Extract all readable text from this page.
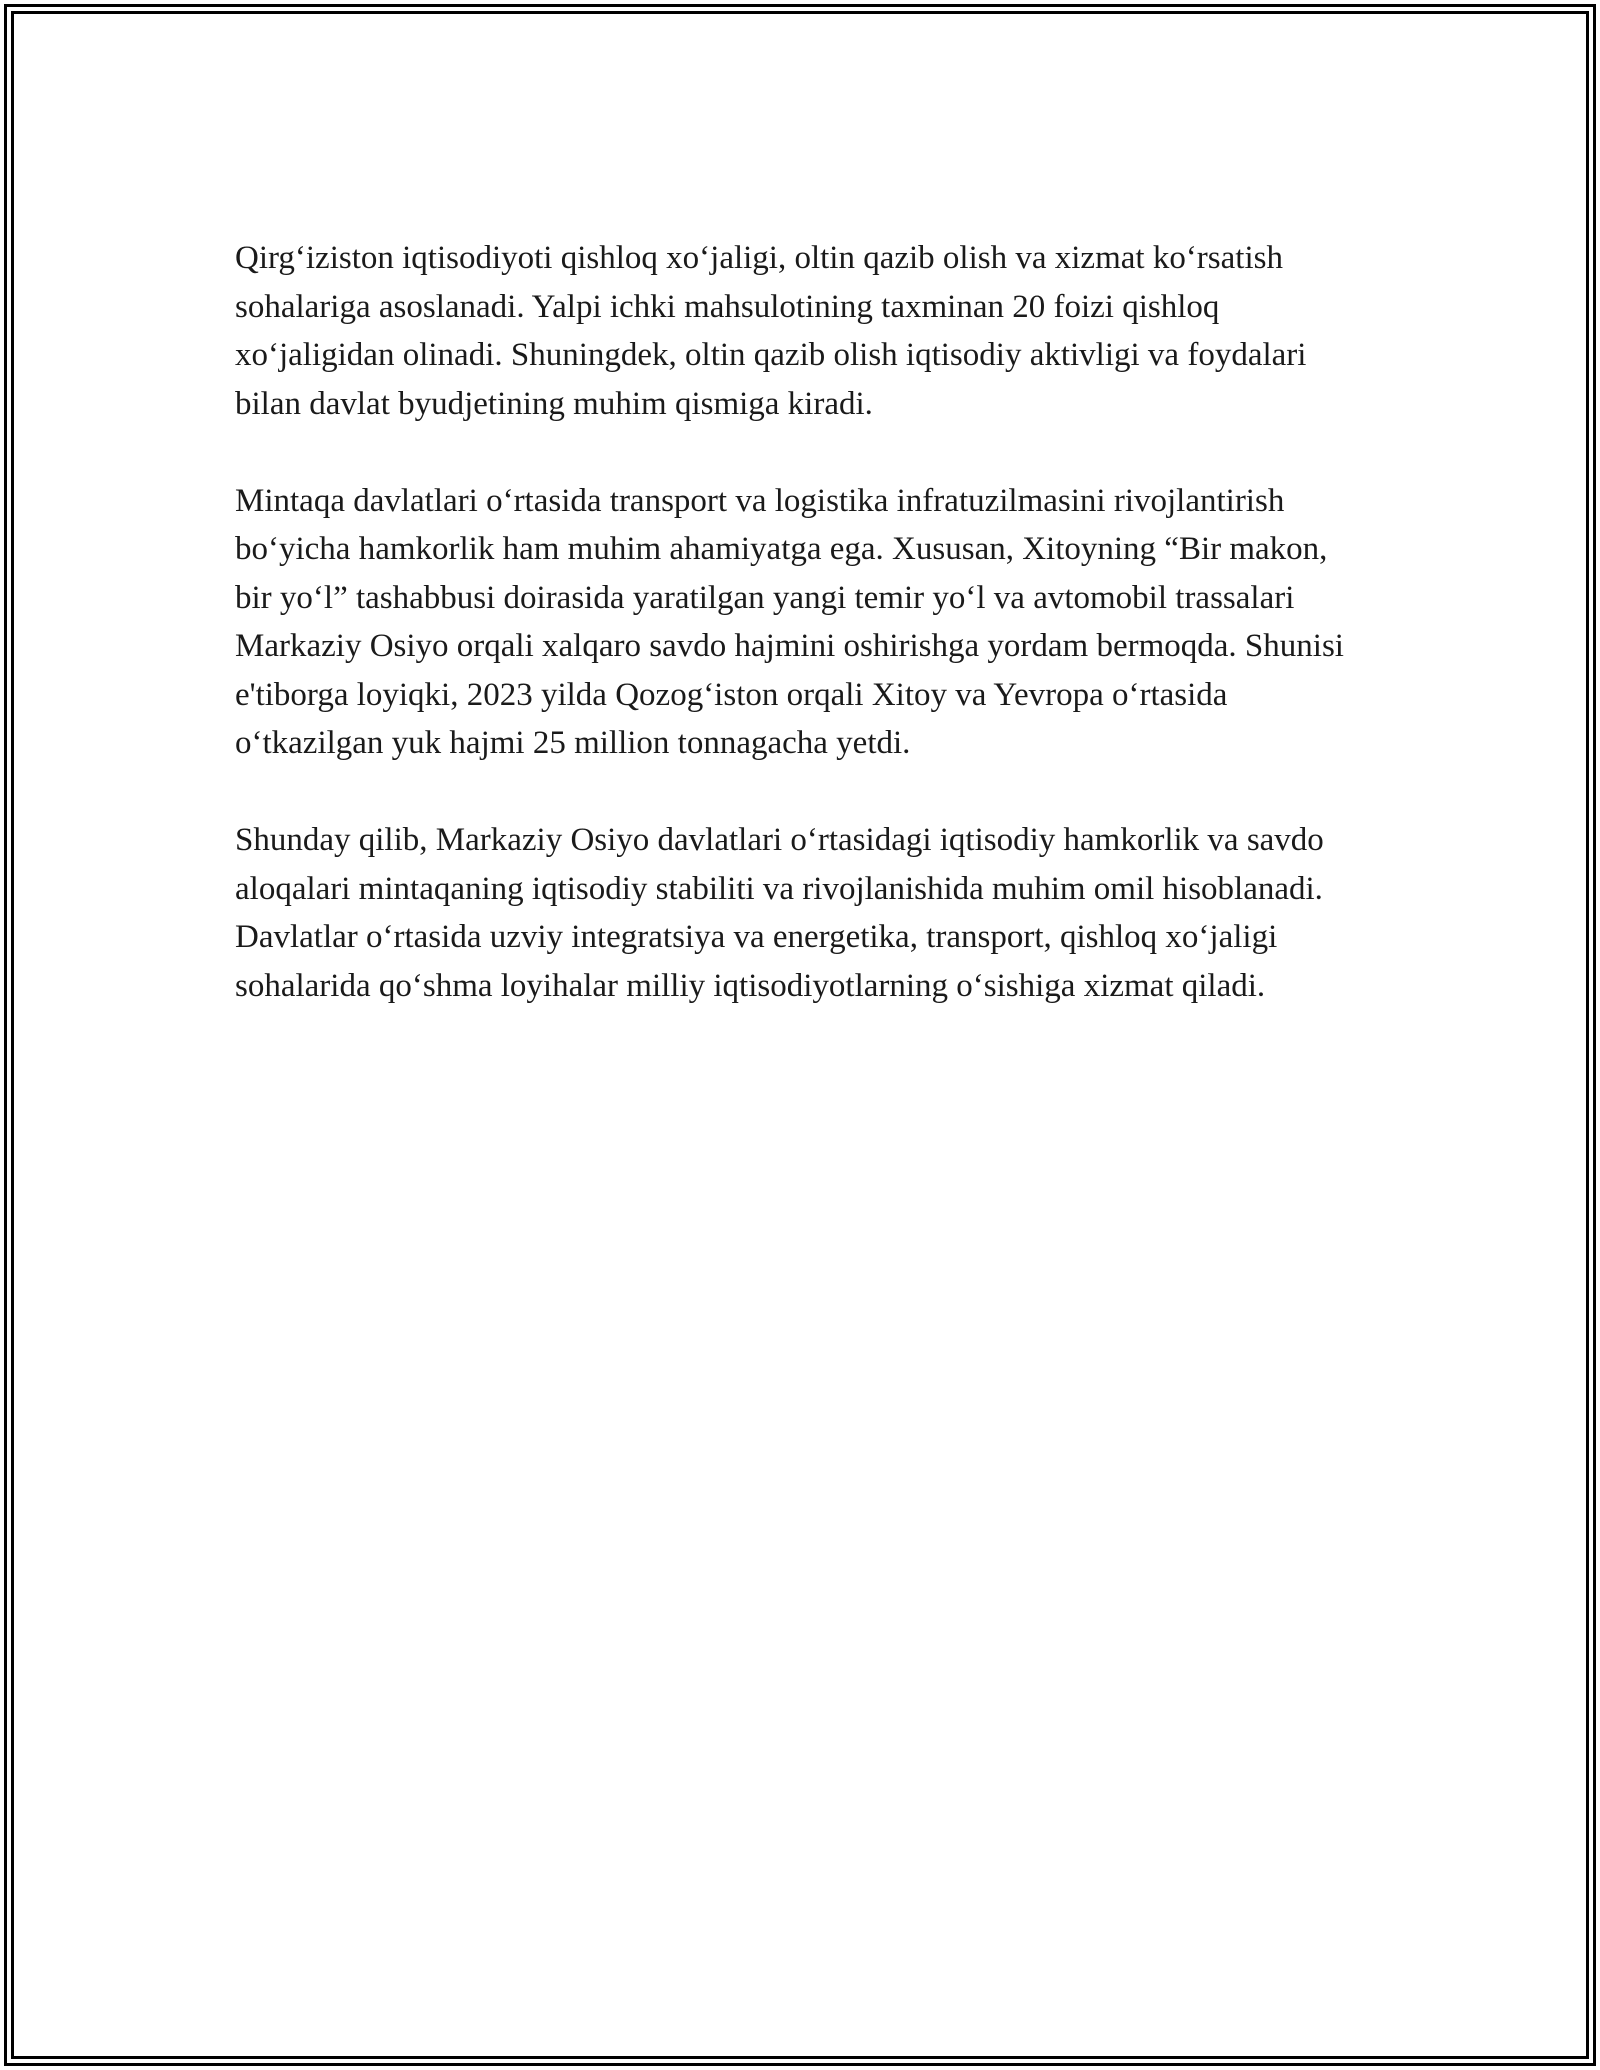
Qirg‘iziston iqtisodiyoti qishloq xo‘jaligi, oltin qazib olish va xizmat ko‘rsatish sohalariga asoslanadi. Yalpi ichki mahsulotining taxminan 20 foizi qishloq xo‘jaligidan olinadi. Shuningdek, oltin qazib olish iqtisodiy aktivligi va foydalari bilan davlat byudjetining muhim qismiga kiradi.

Mintaqa davlatlari o‘rtasida transport va logistika infratuzilmasini rivojlantirish bo‘yicha hamkorlik ham muhim ahamiyatga ega. Xususan, Xitoyning “Bir makon, bir yo‘l” tashabbusi doirasida yaratilgan yangi temir yo‘l va avtomobil trassalari Markaziy Osiyo orqali xalqaro savdo hajmini oshirishga yordam bermoqda. Shunisi e'tiborga loyiqki, 2023 yilda Qozog‘iston orqali Xitoy va Yevropa o‘rtasida o‘tkazilgan yuk hajmi 25 million tonnagacha yetdi.

Shunday qilib, Markaziy Osiyo davlatlari o‘rtasidagi iqtisodiy hamkorlik va savdo aloqalari mintaqaning iqtisodiy stabiliti va rivojlanishida muhim omil hisoblanadi. Davlatlar o‘rtasida uzviy integratsiya va energetika, transport, qishloq xo‘jaligi sohalarida qo‘shma loyihalar milliy iqtisodiyotlarning o‘sishiga xizmat qiladi.
